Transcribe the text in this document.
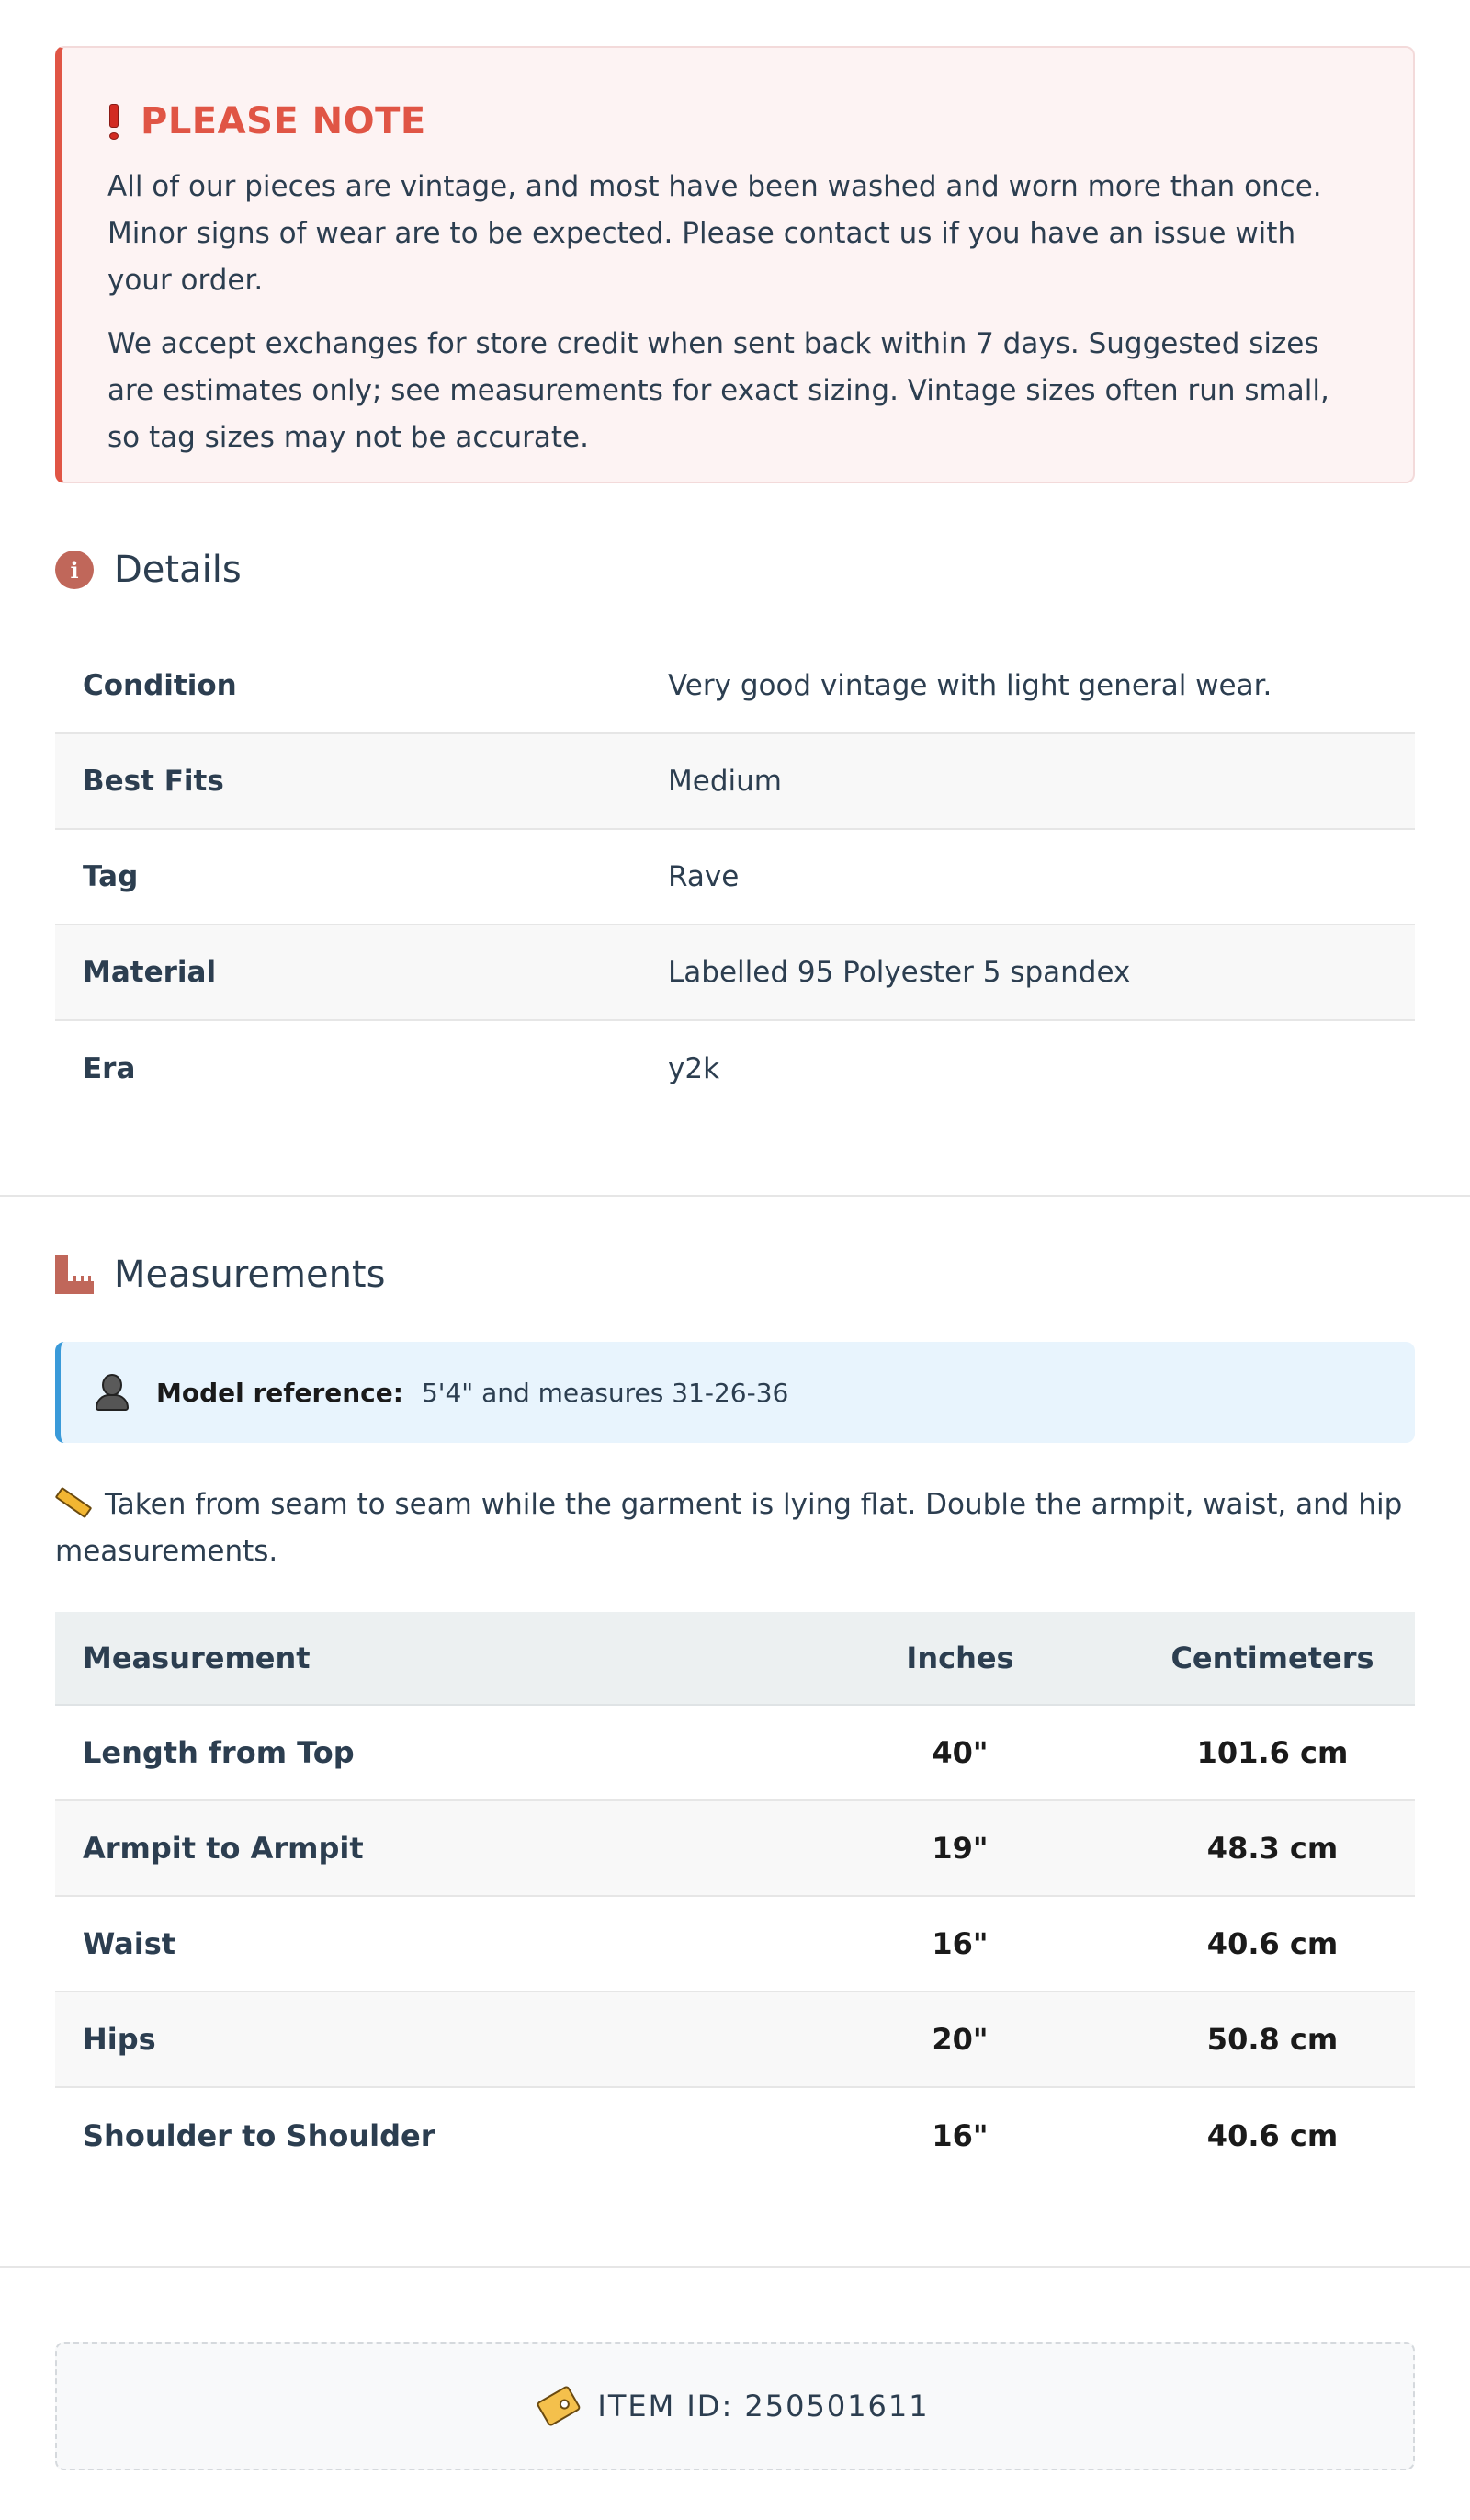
PLEASE NOTE

All of our pieces are vintage, and most have been washed and worn more than once. Minor signs of wear are to be expected. Please contact us if you have an issue with your order.

We accept exchanges for store credit when sent back within 7 days. Suggested sizes are estimates only; see measurements for exact sizing. Vintage sizes often run small, so tag sizes may not be accurate.

i Details
Condition	Very good vintage with light general wear.
Best Fits	Medium
Tag	Rave
Material	Labelled 95 Polyester 5 spandex
Era	y2k
Measurements
Model reference: 5'4" and measures 31-26-36
Taken from seam to seam while the garment is lying flat. Double the armpit, waist, and hip measurements.
Measurement	Inches	Centimeters
Length from Top	40"	101.6 cm
Armpit to Armpit	19"	48.3 cm
Waist	16"	40.6 cm
Hips	20"	50.8 cm
Shoulder to Shoulder	16"	40.6 cm
ITEM ID: 250501611
